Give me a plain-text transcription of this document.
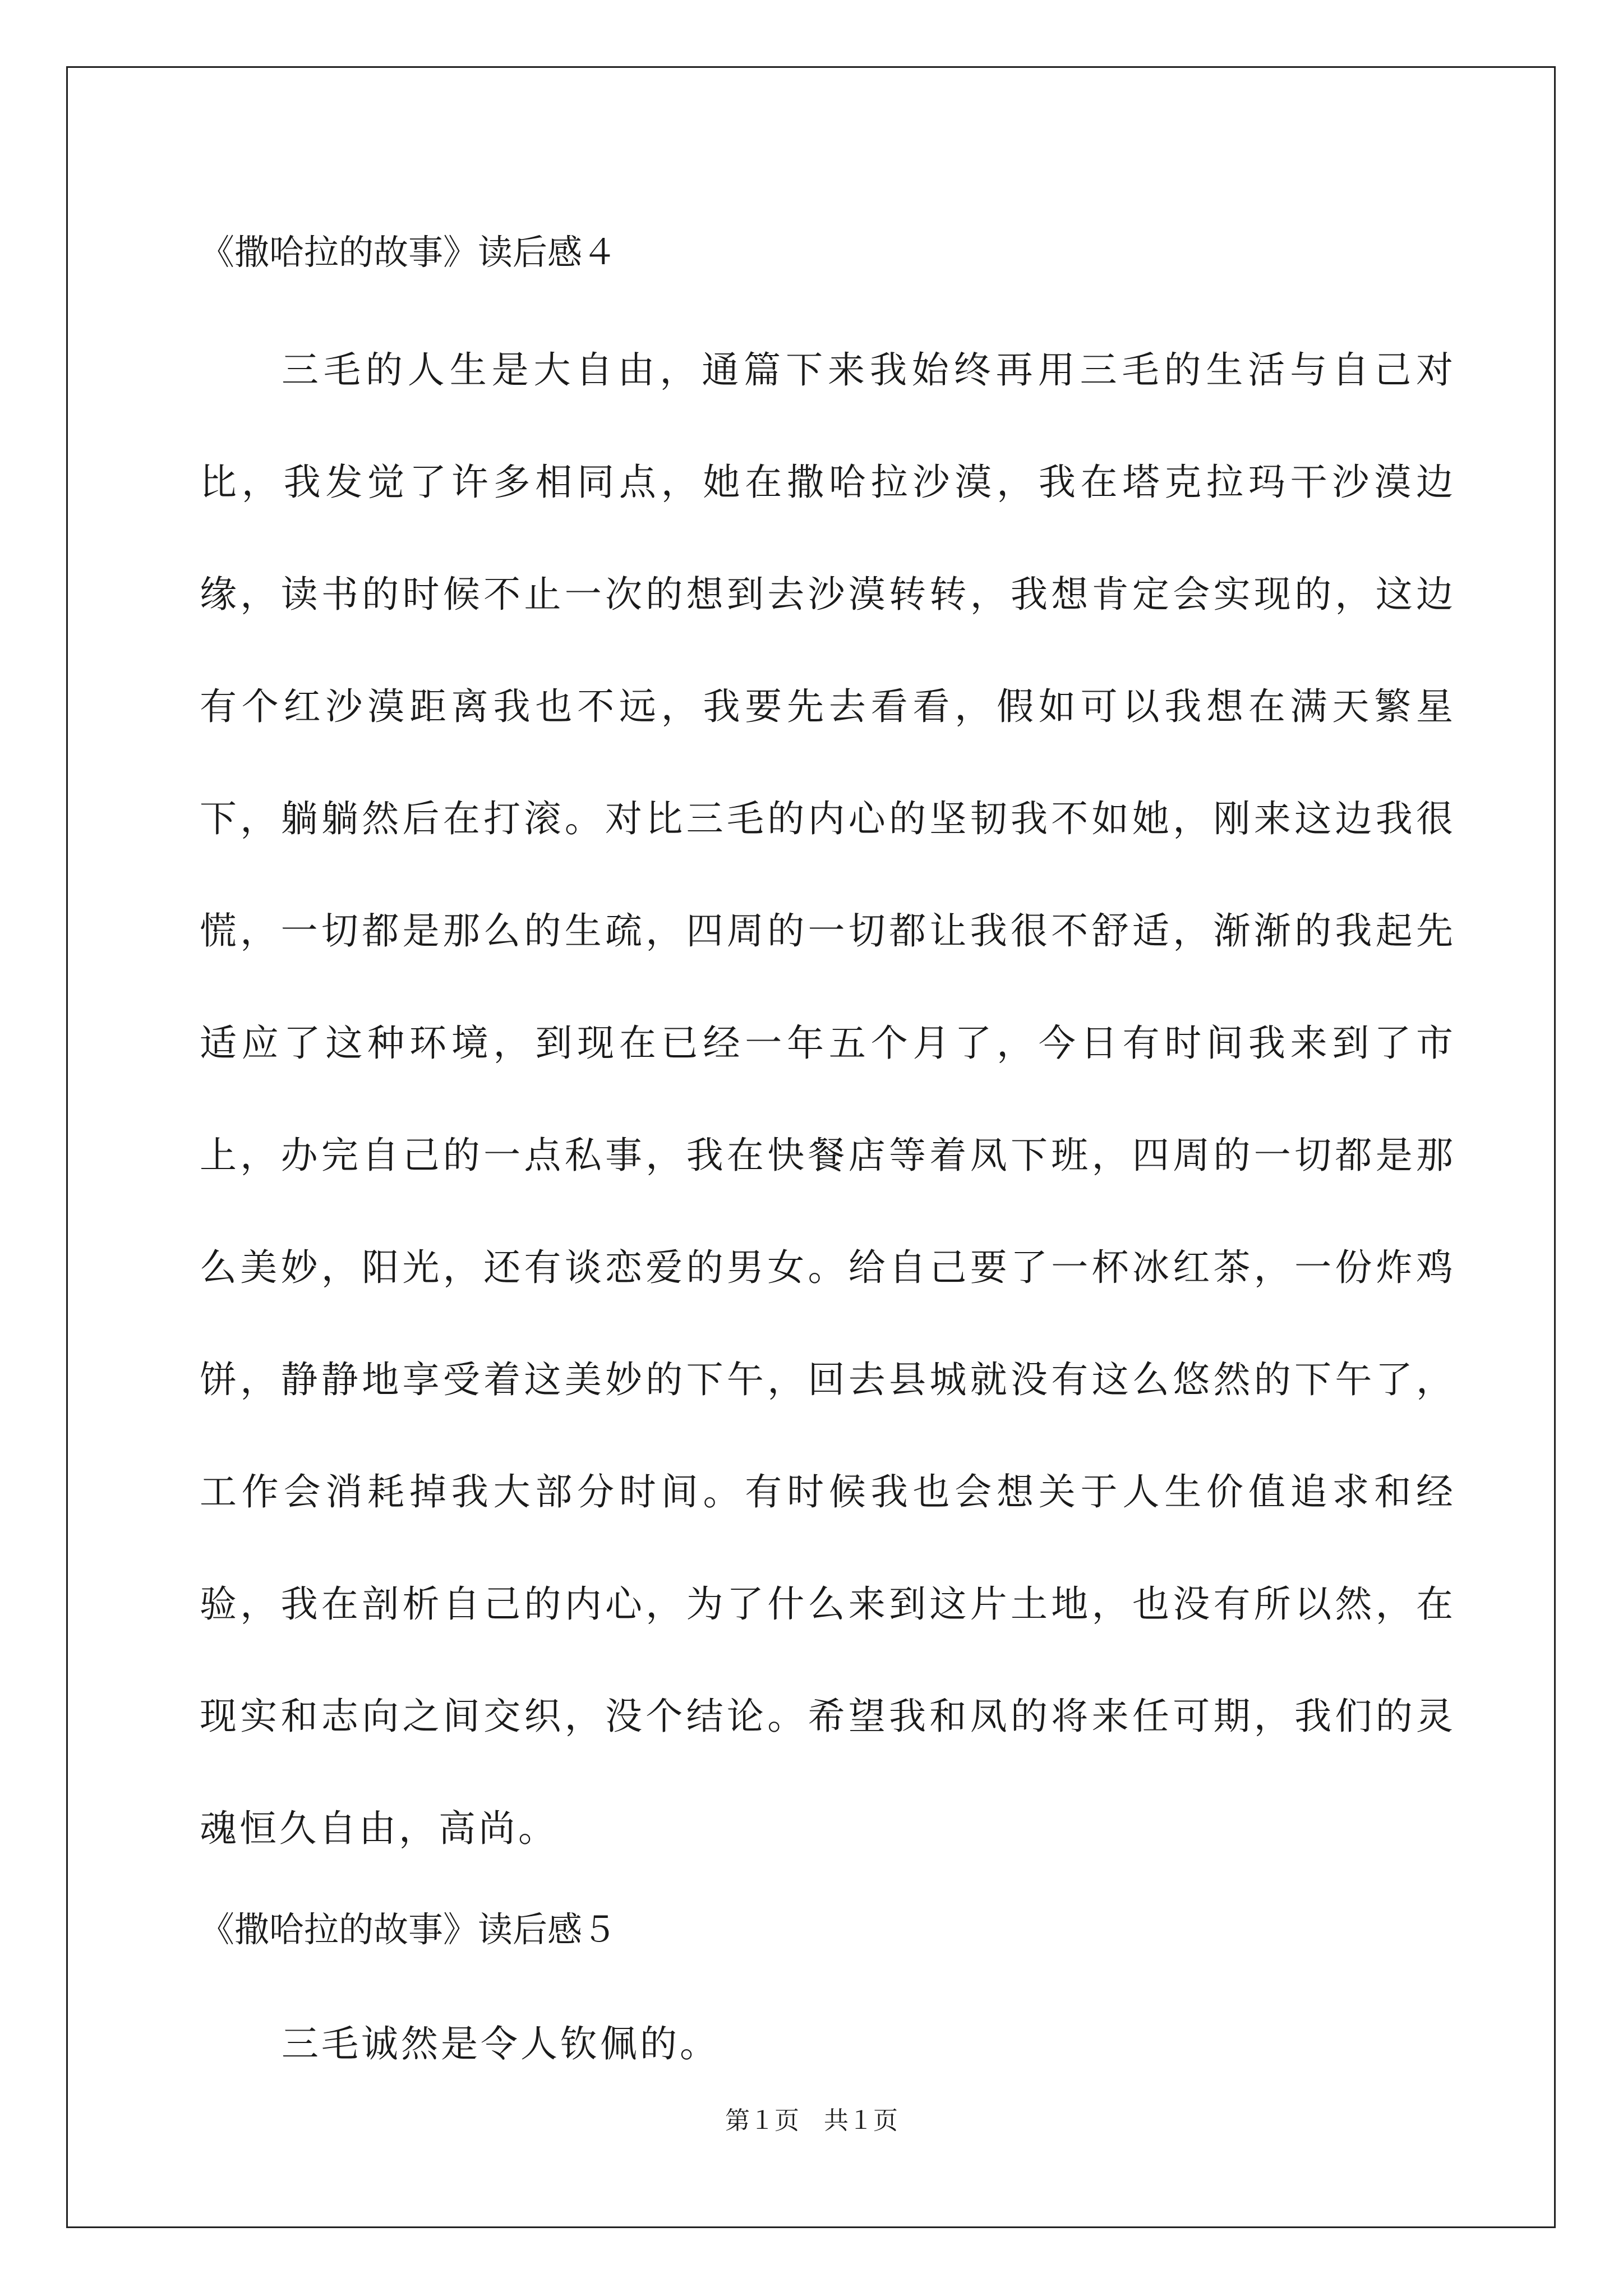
《撒哈拉的故事》读后感４

三毛的人生是大自由，通篇下来我始终再用三毛的生活与自己对比，我发觉了许多相同点，她在撒哈拉沙漠，我在塔克拉玛干沙漠边缘，读书的时候不止一次的想到去沙漠转转，我想肯定会实现的，这边有个红沙漠距离我也不远，我要先去看看，假如可以我想在满天繁星下，躺躺然后在打滚。对比三毛的内心的坚韧我不如她，刚来这边我很慌，一切都是那么的生疏，四周的一切都让我很不舒适，渐渐的我起先适应了这种环境，到现在已经一年五个月了，今日有时间我来到了市上，办完自己的一点私事，我在快餐店等着凤下班，四周的一切都是那么美妙，阳光，还有谈恋爱的男女。给自己要了一杯冰红茶，一份炸鸡饼，静静地享受着这美妙的下午，回去县城就没有这么悠然的下午了，工作会消耗掉我大部分时间。有时候我也会想关于人生价值追求和经验，我在剖析自己的内心，为了什么来到这片土地，也没有所以然，在现实和志向之间交织，没个结论。希望我和凤的将来任可期，我们的灵魂恒久自由，高尚。

《撒哈拉的故事》读后感５

三毛诚然是令人钦佩的。

第１页　共１页
